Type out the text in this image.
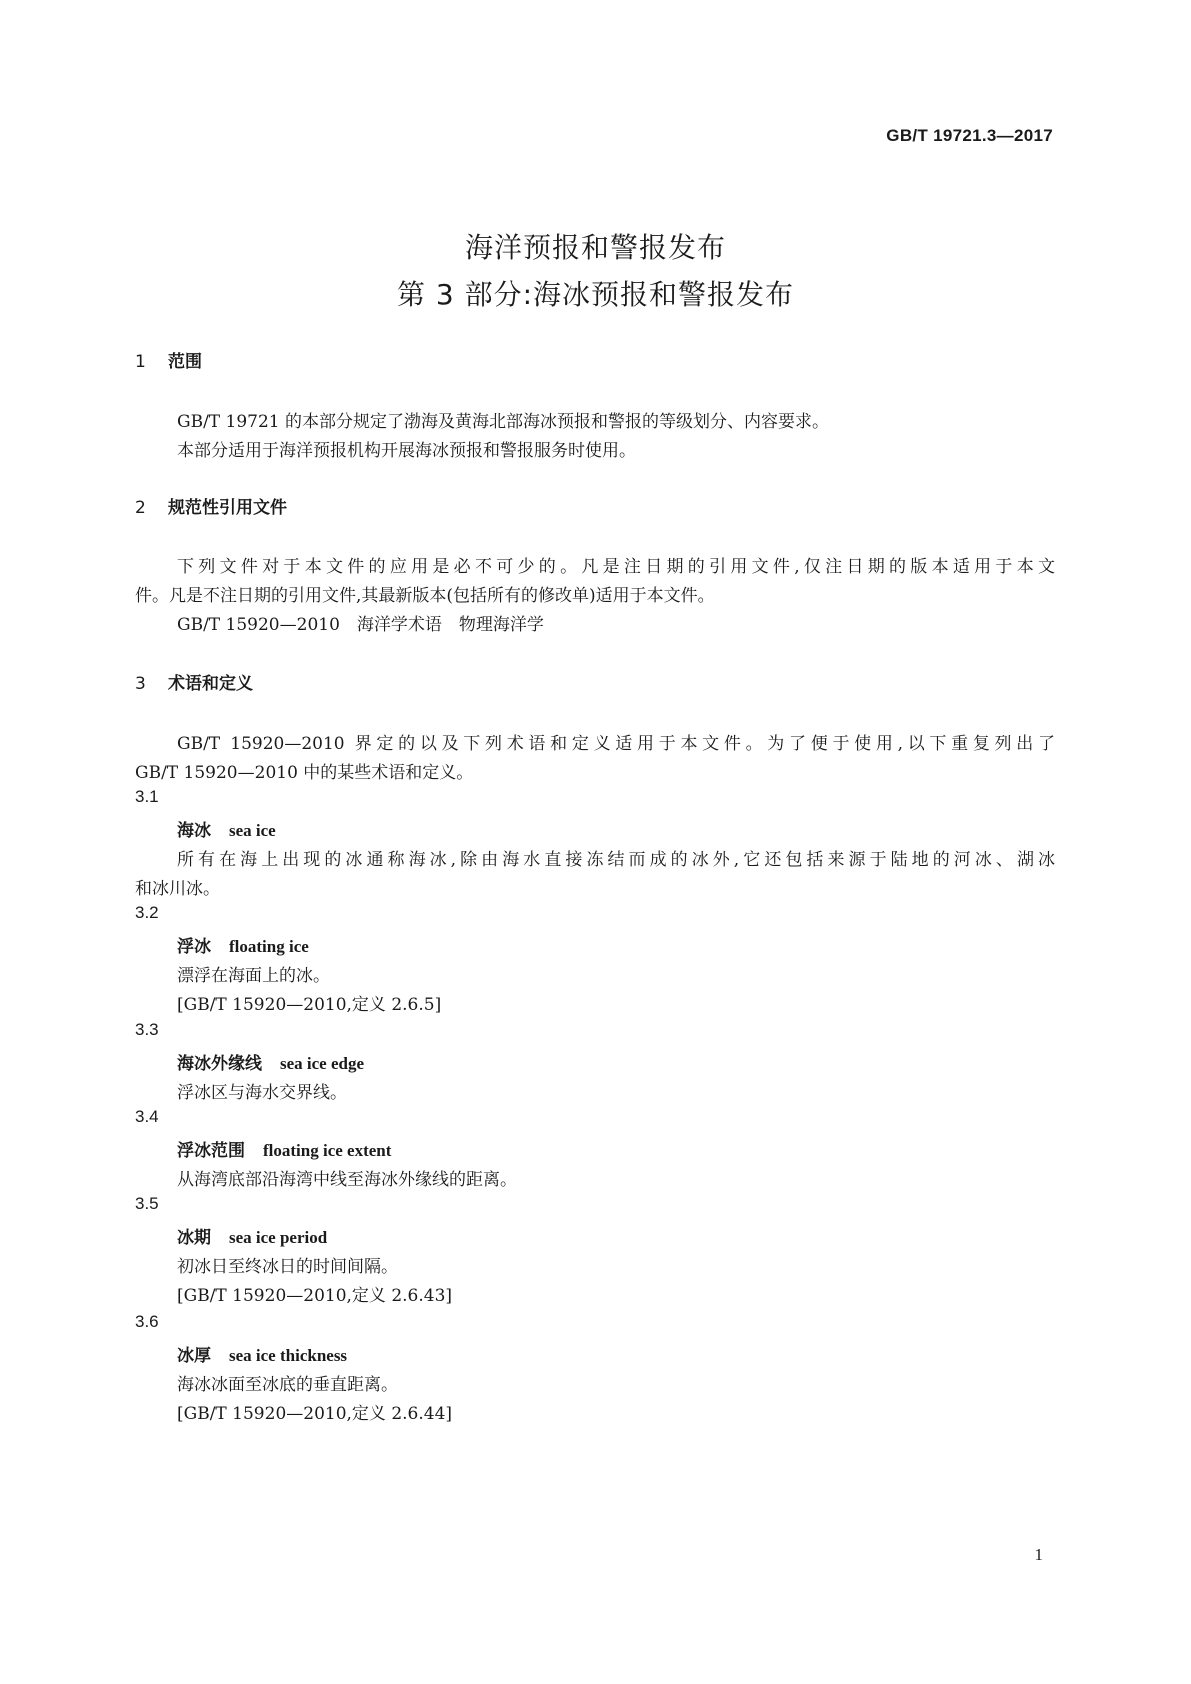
GB/T 19721.3—2017
海洋预报和警报发布
第 3 部分:海冰预报和警报发布
1 范围
GB/T 19721 的本部分规定了渤海及黄海北部海冰预报和警报的等级划分、内容要求。
本部分适用于海洋预报机构开展海冰预报和警报服务时使用。
2 规范性引用文件
下列文件对于本文件的应用是必不可少的。凡是注日期的引用文件,仅注日期的版本适用于本文
件。凡是不注日期的引用文件,其最新版本(包括所有的修改单)适用于本文件。
GB/T 15920—2010　海洋学术语　物理海洋学
3 术语和定义
GB/T 15920—2010 界定的以及下列术语和定义适用于本文件。为了便于使用,以下重复列出了
GB/T 15920—2010 中的某些术语和定义。
3.1
海冰 sea ice
所有在海上出现的冰通称海冰,除由海水直接冻结而成的冰外,它还包括来源于陆地的河冰、湖冰
和冰川冰。
3.2
浮冰 floating ice
漂浮在海面上的冰。
[GB/T 15920—2010,定义 2.6.5]
3.3
海冰外缘线 sea ice edge
浮冰区与海水交界线。
3.4
浮冰范围 floating ice extent
从海湾底部沿海湾中线至海冰外缘线的距离。
3.5
冰期 sea ice period
初冰日至终冰日的时间间隔。
[GB/T 15920—2010,定义 2.6.43]
3.6
冰厚 sea ice thickness
海冰冰面至冰底的垂直距离。
[GB/T 15920—2010,定义 2.6.44]
1
